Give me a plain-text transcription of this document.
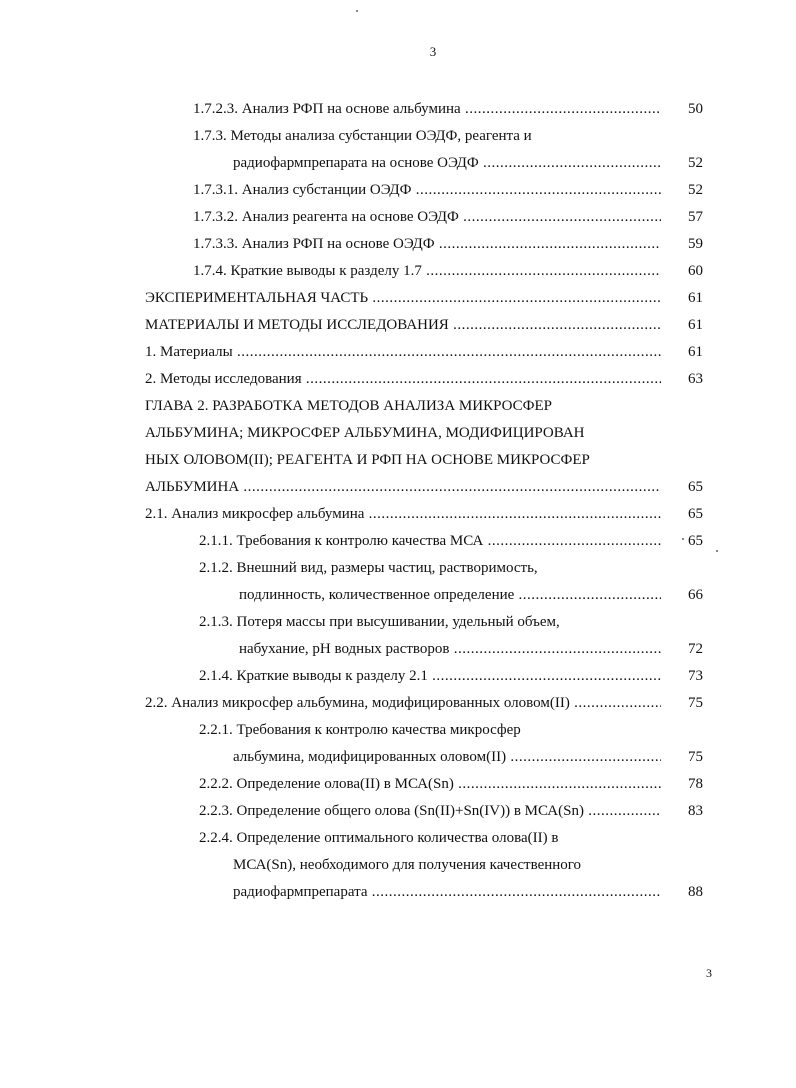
3
1.7.2.3. Анализ РФП на основе альбумина .....	50
1.7.3. Методы анализа субстанции ОЭДФ, реагента и
радиофармпрепарата на основе ОЭДФ .....	52
1.7.3.1. Анализ субстанции ОЭДФ .....	52
1.7.3.2. Анализ реагента на основе ОЭДФ .....	57
1.7.3.3. Анализ РФП на основе ОЭДФ .....	59
1.7.4. Краткие выводы к разделу 1.7 .....	60
ЭКСПЕРИМЕНТАЛЬНАЯ ЧАСТЬ .....	61
МАТЕРИАЛЫ И МЕТОДЫ ИССЛЕДОВАНИЯ .....	61
1. Материалы .....	61
2. Методы исследования .....	63
ГЛАВА 2. РАЗРАБОТКА МЕТОДОВ АНАЛИЗА МИКРОСФЕР
АЛЬБУМИНА; МИКРОСФЕР АЛЬБУМИНА, МОДИФИЦИРОВАН
НЫХ ОЛОВОМ(II); РЕАГЕНТА И РФП НА ОСНОВЕ МИКРОСФЕР
АЛЬБУМИНА .....	65
2.1. Анализ микросфер альбумина .....	65
2.1.1. Требования к контролю качества МСА .....	65
2.1.2. Внешний вид, размеры частиц, растворимость,
подлинность, количественное определение .....	66
2.1.3. Потеря массы при высушивании, удельный объем,
набухание, рН водных растворов .....	72
2.1.4. Краткие выводы к разделу 2.1 .....	73
2.2. Анализ микросфер альбумина, модифицированных оловом(II) .....	75
2.2.1. Требования к контролю качества микросфер
альбумина, модифицированных оловом(II) .....	75
2.2.2. Определение олова(II) в МСА(Sn) .....	78
2.2.3. Определение общего олова (Sn(II)+Sn(IV)) в МСА(Sn) .....	83
2.2.4. Определение оптимального количества олова(II) в
МСА(Sn), необходимого для получения качественного
радиофармпрепарата .....	88
3
